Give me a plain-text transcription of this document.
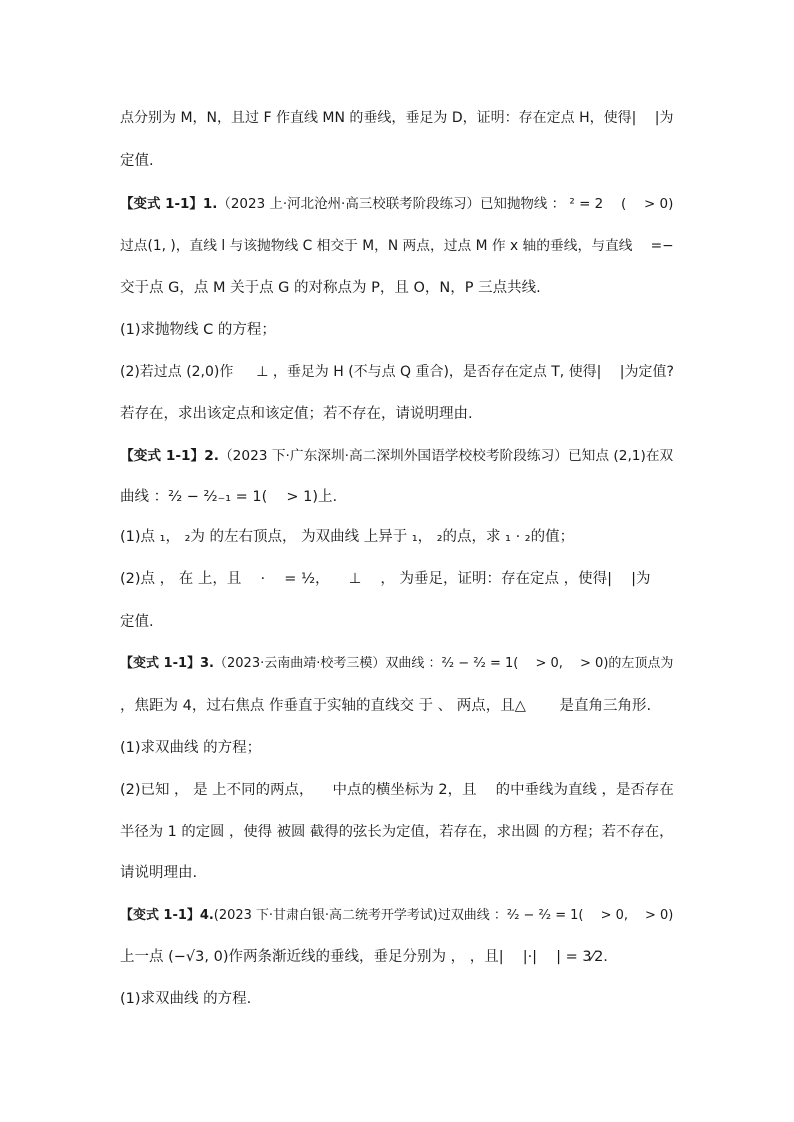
点分别为 M，N，且过 F 作直线 MN 的垂线，垂足为 D，证明：存在定点 H，使得|　 |为
定值.
【变式 1-1】1.（2023 上·河北沧州·高三校联考阶段练习）已知抛物线 ： ² = 2 　( 　> 0)
过点(1, )，直线 l 与该抛物线 C 相交于 M，N 两点，过点 M 作 x 轴的垂线，与直线 　=−
交于点 G，点 M 关于点 G 的对称点为 P，且 O，N，P 三点共线.
(1)求抛物线 C 的方程；
(2)若过点 (2,0)作 　 ⊥ ，垂足为 H (不与点 Q 重合)，是否存在定点 T, 使得|　 |为定值?
若存在，求出该定点和该定值；若不存在，请说明理由.
【变式 1-1】2.（2023 下·广东深圳·高二深圳外国语学校校考阶段练习）已知点 (2,1)在双
曲线 ：²⁄₂ − ²⁄₂₋₁ = 1( 　> 1)上.
(1)点 ₁， ₂为 的左右顶点， 为双曲线 上异于 ₁， ₂的点，求 ₁ · ₂的值；
(2)点 ， 在 上，且 　· 　= ½， 　⊥ 　， 为垂足，证明：存在定点 ，使得|　 |为
定值.
【变式 1-1】3.（2023·云南曲靖·校考三模）双曲线 ：²⁄₂ − ²⁄₂ = 1( 　> 0, 　> 0)的左顶点为
，焦距为 4，过右焦点 作垂直于实轴的直线交 于 、 两点，且△　 　是直角三角形.
(1)求双曲线 的方程；
(2)已知 ， 是 上不同的两点， 　中点的横坐标为 2，且 　的中垂线为直线 ，是否存在
半径为 1 的定圆 ，使得 被圆 截得的弦长为定值，若存在，求出圆 的方程；若不存在，
请说明理由.
【变式 1-1】4.(2023 下·甘肃白银·高二统考开学考试)过双曲线 ：²⁄₂ − ²⁄₂ = 1( 　> 0, 　> 0)
上一点 (−√3, 0)作两条渐近线的垂线，垂足分别为 ， ，且|　 |·|　 | = 3⁄2.
(1)求双曲线 的方程.
